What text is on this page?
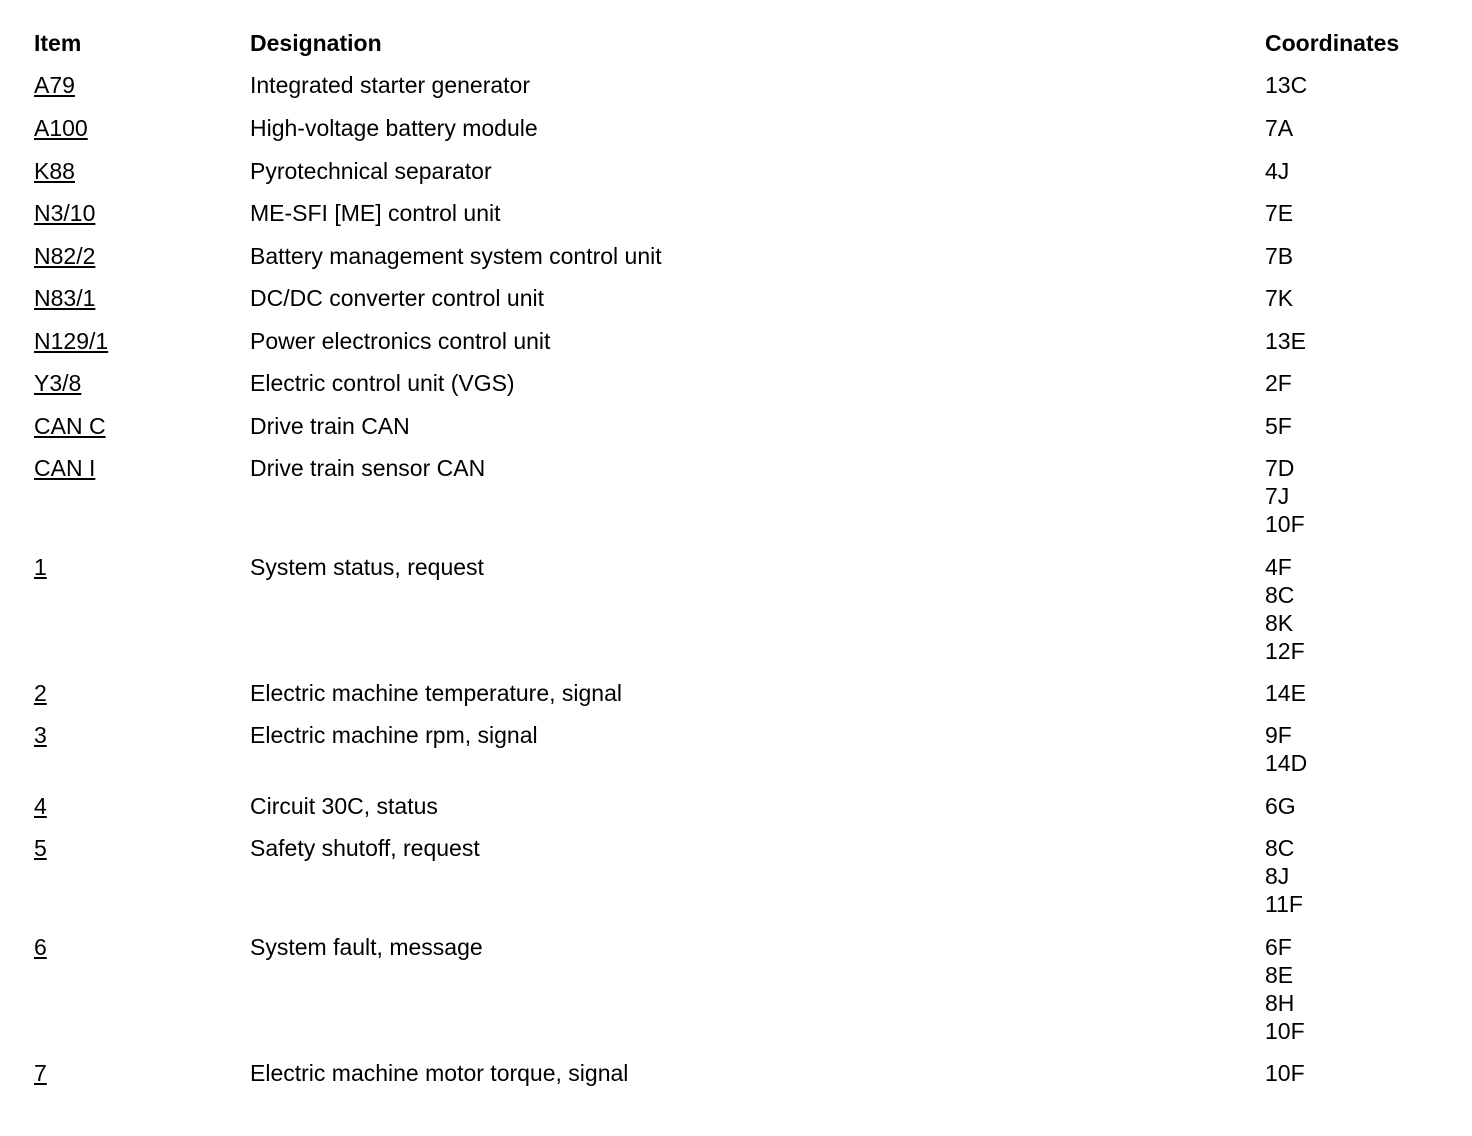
Item	Designation	Coordinates
A79	Integrated starter generator	13C
A100	High-voltage battery module	7A
K88	Pyrotechnical separator	4J
N3/10	ME-SFI [ME] control unit	7E
N82/2	Battery management system control unit	7B
N83/1	DC/DC converter control unit	7K
N129/1	Power electronics control unit	13E
Y3/8	Electric control unit (VGS)	2F
CAN C	Drive train CAN	5F
CAN I	Drive train sensor CAN	7D
7J
10F
1	System status, request	4F
8C
8K
12F
2	Electric machine temperature, signal	14E
3	Electric machine rpm, signal	9F
14D
4	Circuit 30C, status	6G
5	Safety shutoff, request	8C
8J
11F
6	System fault, message	6F
8E
8H
10F
7	Electric machine motor torque, signal	10F
